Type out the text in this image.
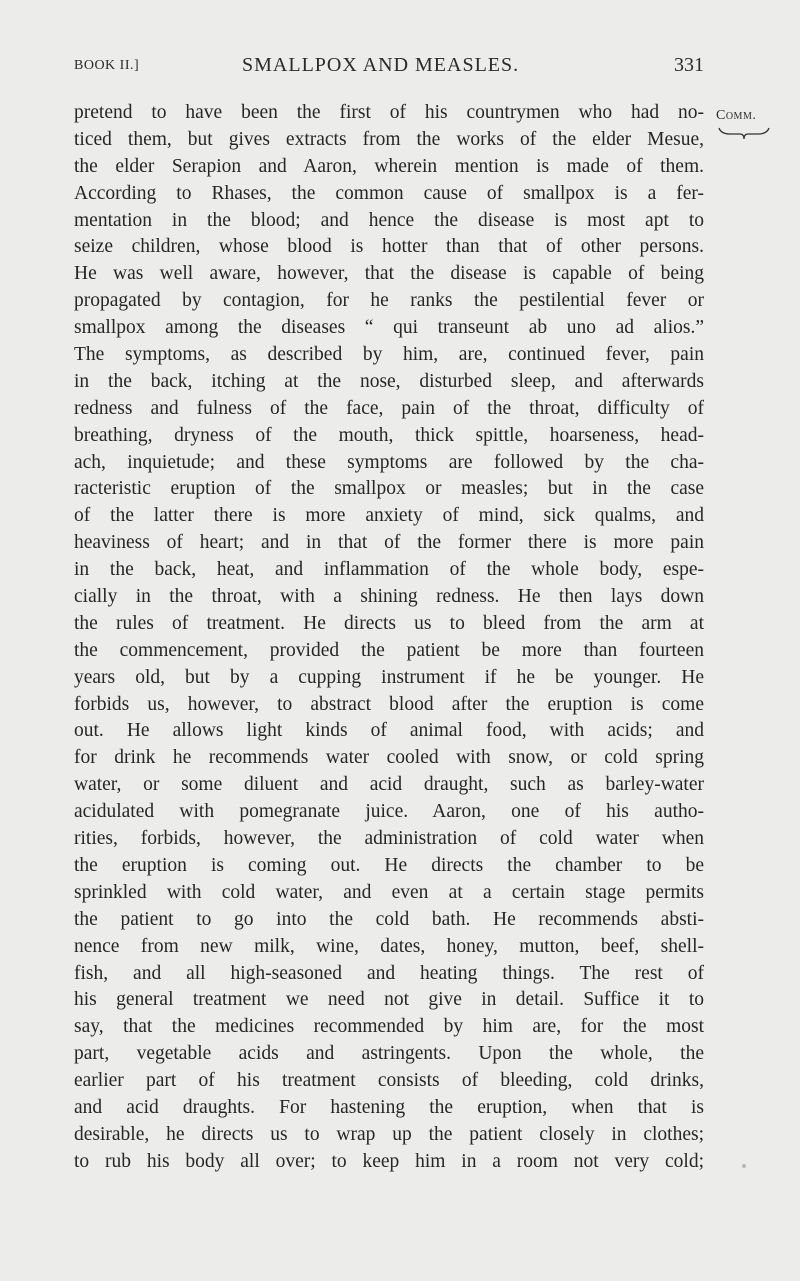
BOOK II.]	SMALLPOX AND MEASLES.	331
Comm.
pretend to have been the first of his countrymen who had no-
ticed them, but gives extracts from the works of the elder Mesue,
the elder Serapion and Aaron, wherein mention is made of them.
According to Rhases, the common cause of smallpox is a fer-
mentation in the blood; and hence the disease is most apt to
seize children, whose blood is hotter than that of other persons.
He was well aware, however, that the disease is capable of being
propagated by contagion, for he ranks the pestilential fever or
smallpox among the diseases “ qui transeunt ab uno ad alios.”
The symptoms, as described by him, are, continued fever, pain
in the back, itching at the nose, disturbed sleep, and afterwards
redness and fulness of the face, pain of the throat, difficulty of
breathing, dryness of the mouth, thick spittle, hoarseness, head-
ach, inquietude; and these symptoms are followed by the cha-
racteristic eruption of the smallpox or measles; but in the case
of the latter there is more anxiety of mind, sick qualms, and
heaviness of heart; and in that of the former there is more pain
in the back, heat, and inflammation of the whole body, espe-
cially in the throat, with a shining redness. He then lays down
the rules of treatment. He directs us to bleed from the arm at
the commencement, provided the patient be more than fourteen
years old, but by a cupping instrument if he be younger. He
forbids us, however, to abstract blood after the eruption is come
out. He allows light kinds of animal food, with acids; and
for drink he recommends water cooled with snow, or cold spring
water, or some diluent and acid draught, such as barley-water
acidulated with pomegranate juice. Aaron, one of his autho-
rities, forbids, however, the administration of cold water when
the eruption is coming out. He directs the chamber to be
sprinkled with cold water, and even at a certain stage permits
the patient to go into the cold bath. He recommends absti-
nence from new milk, wine, dates, honey, mutton, beef, shell-
fish, and all high-seasoned and heating things. The rest of
his general treatment we need not give in detail. Suffice it to
say, that the medicines recommended by him are, for the most
part, vegetable acids and astringents. Upon the whole, the
earlier part of his treatment consists of bleeding, cold drinks,
and acid draughts. For hastening the eruption, when that is
desirable, he directs us to wrap up the patient closely in clothes;
to rub his body all over; to keep him in a room not very cold;
